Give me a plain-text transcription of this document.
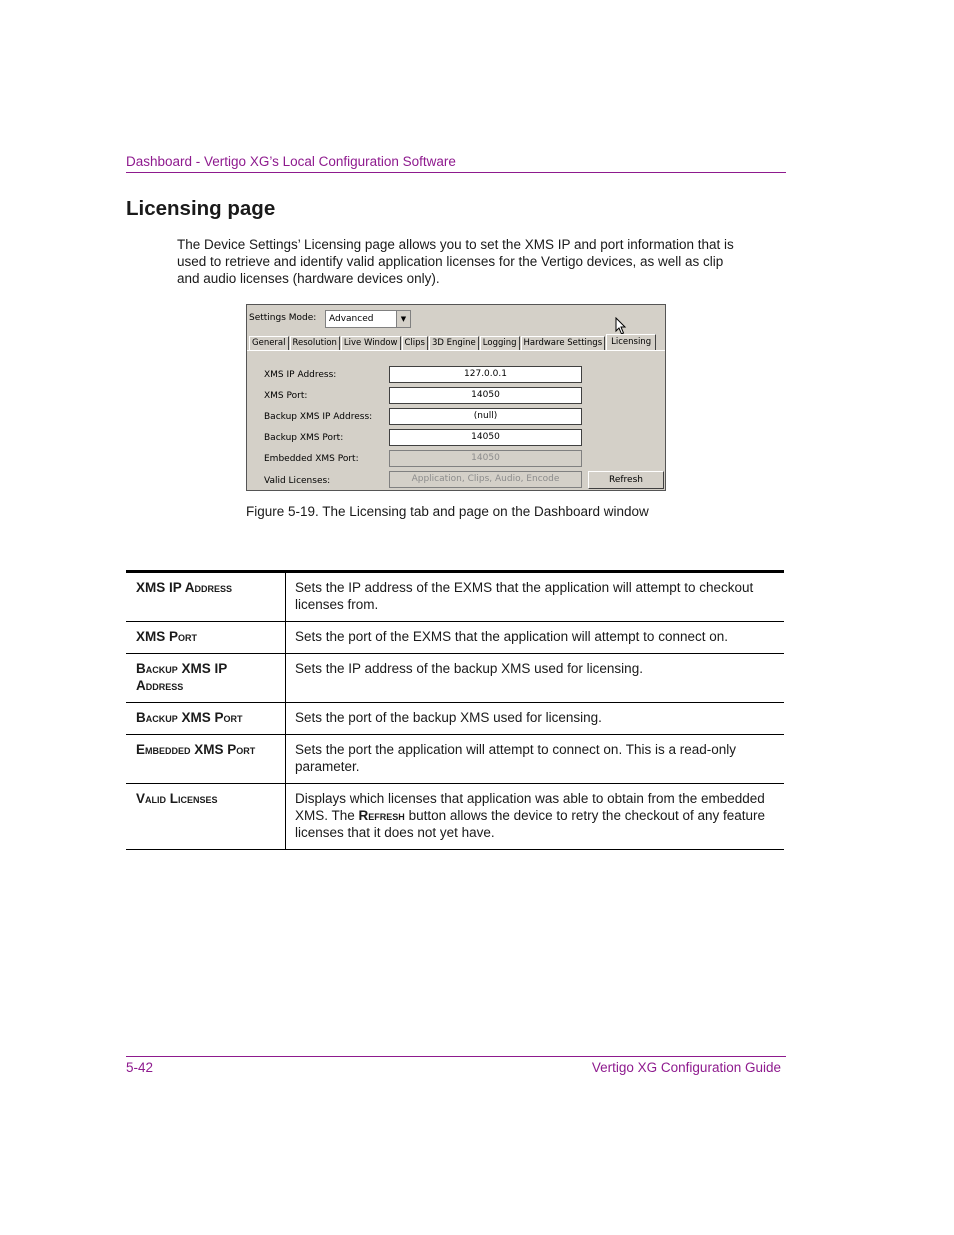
Dashboard - Vertigo XG’s Local Configuration Software
Licensing page

The Device Settings’ Licensing page allows you to set the XMS IP and port information that is used to retrieve and identify valid application licenses for the Vertigo devices, as well as clip and audio licenses (hardware devices only).

Settings Mode: Advanced	▼
General Resolution Live Window Clips 3D Engine Logging Hardware Settings	Licensing
XMS IP Address:	127.0.0.1
XMS Port:	14050
Backup XMS IP Address:	(null)
Backup XMS Port:	14050
Embedded XMS Port:	14050
Valid Licenses:	Application, Clips, Audio, Encode	Refresh
Figure 5-19. The Licensing tab and page on the Dashboard window
XMS IP Address	Sets the IP address of the EXMS that the application will attempt to checkout licenses from.
XMS Port	Sets the port of the EXMS that the application will attempt to connect on.
Backup XMS IP Address	Sets the IP address of the backup XMS used for licensing.
Backup XMS Port	Sets the port of the backup XMS used for licensing.
Embedded XMS Port	Sets the port the application will attempt to connect on. This is a read-only parameter.
Valid Licenses	Displays which licenses that application was able to obtain from the embedded XMS. The Refresh button allows the device to retry the checkout of any feature licenses that it does not yet have.
5-42	Vertigo XG Configuration Guide
